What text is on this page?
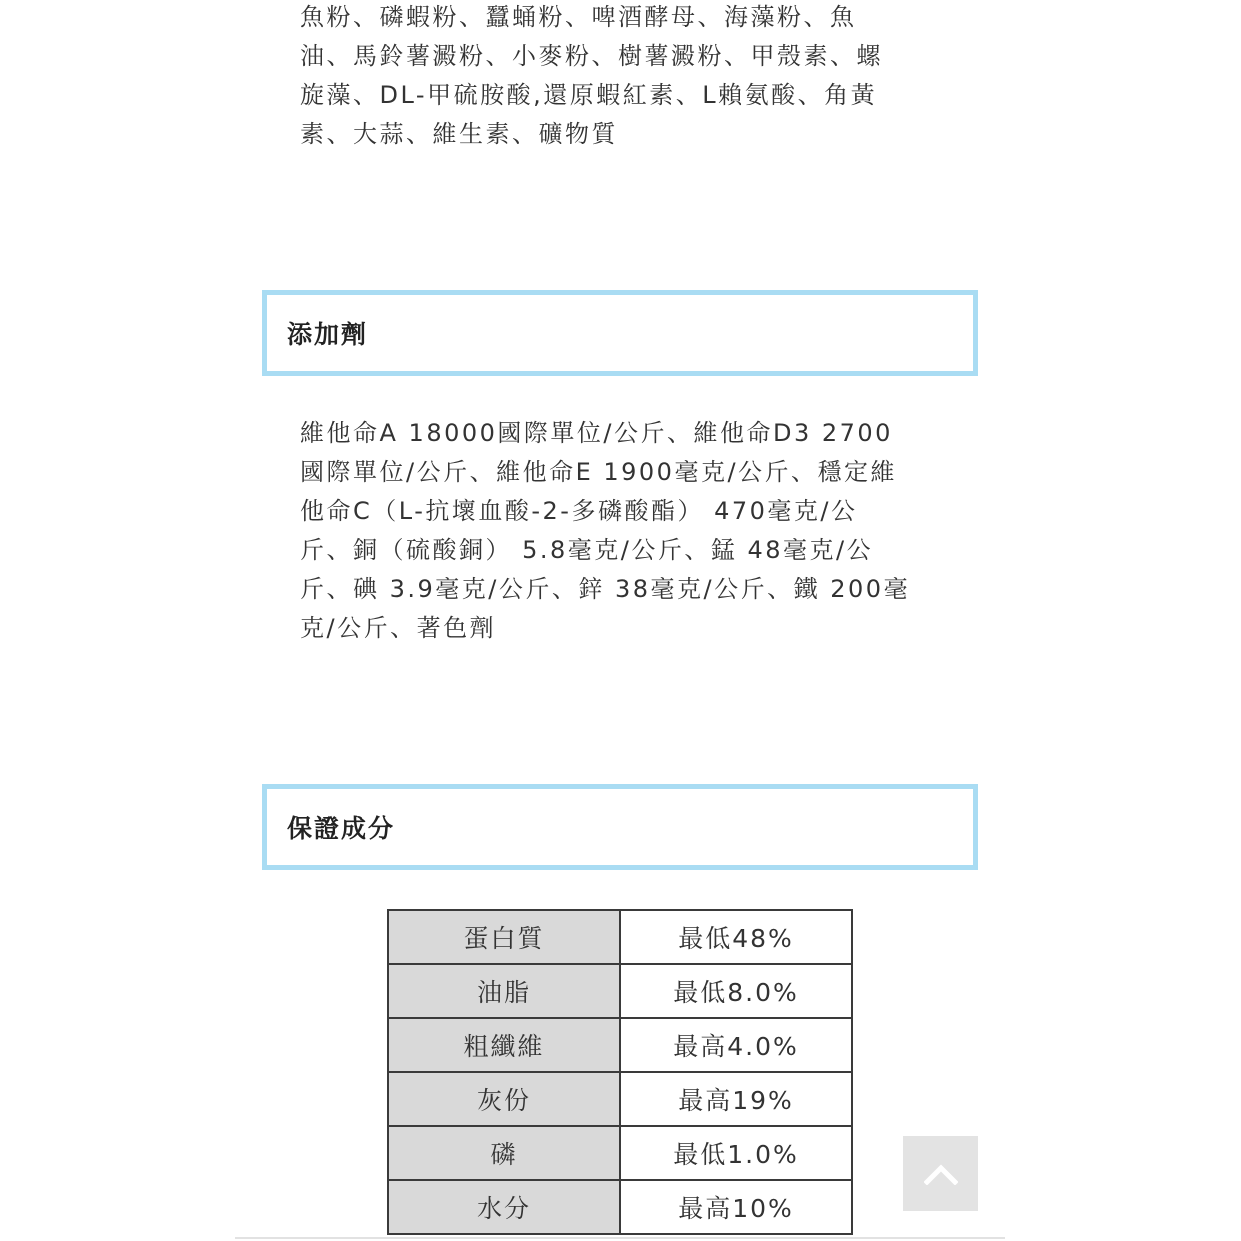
魚粉、磷蝦粉、蠶蛹粉、啤酒酵母、海藻粉、魚
油、馬鈴薯澱粉、小麥粉、樹薯澱粉、甲殼素、螺
旋藻、DL-甲硫胺酸,還原蝦紅素、L賴氨酸、角黃
素、大蒜、維生素、礦物質

添加劑

維他命A 18000國際單位/公斤、維他命D3 2700
國際單位/公斤、維他命E 1900毫克/公斤、穩定維
他命C（L-抗壞血酸-2-多磷酸酯） 470毫克/公
斤、銅（硫酸銅） 5.8毫克/公斤、錳 48毫克/公
斤、碘 3.9毫克/公斤、鋅 38毫克/公斤、鐵 200毫
克/公斤、著色劑

保證成分
蛋白質	最低48%
油脂	最低8.0%
粗纖維	最高4.0%
灰份	最高19%
磷	最低1.0%
水分	最高10%
